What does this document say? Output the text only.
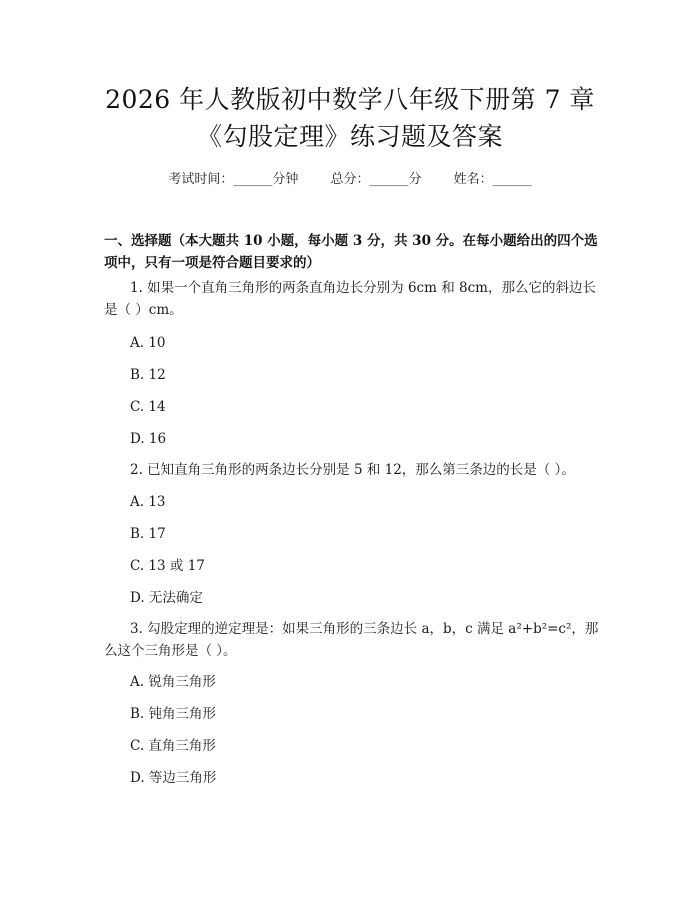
2026 年人教版初中数学八年级下册第 7 章
《勾股定理》练习题及答案
考试时间：______分钟 总分：______分 姓名：______
一、选择题（本大题共 10 小题，每小题 3 分，共 30 分。在每小题给出的四个选项中，只有一项是符合题目要求的）
1. 如果一个直角三角形的两条直角边长分别为 6cm 和 8cm，那么它的斜边长是（ ）cm。
A. 10
B. 12
C. 14
D. 16
2. 已知直角三角形的两条边长分别是 5 和 12，那么第三条边的长是（ ）。
A. 13
B. 17
C. 13 或 17
D. 无法确定
3. 勾股定理的逆定理是：如果三角形的三条边长 a，b，c 满足 a²+b²=c²，那么这个三角形是（ ）。
A. 锐角三角形
B. 钝角三角形
C. 直角三角形
D. 等边三角形
